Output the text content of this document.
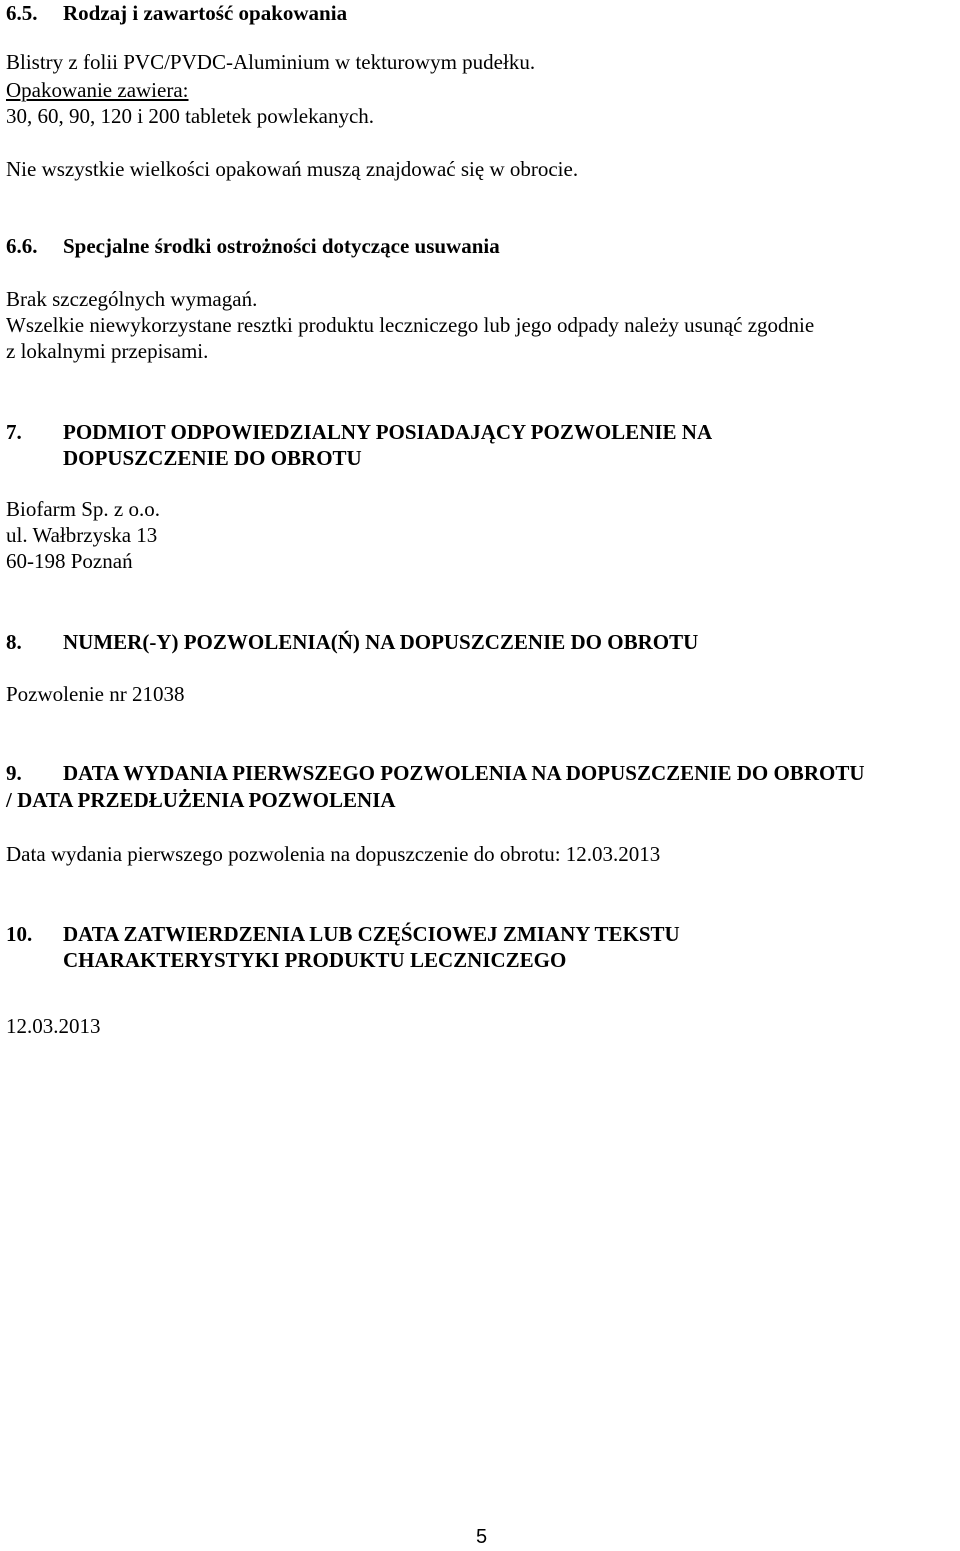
6.5. Rodzaj i zawartość opakowania
Blistry z folii PVC/PVDC-Aluminium w tekturowym pudełku.
Opakowanie zawiera:
30, 60, 90, 120 i 200 tabletek powlekanych.
Nie wszystkie wielkości opakowań muszą znajdować się w obrocie.
6.6. Specjalne środki ostrożności dotyczące usuwania
Brak szczególnych wymagań.
Wszelkie niewykorzystane resztki produktu leczniczego lub jego odpady należy usunąć zgodnie
z lokalnymi przepisami.
7. PODMIOT ODPOWIEDZIALNY POSIADAJĄCY POZWOLENIE NA
DOPUSZCZENIE DO OBROTU
Biofarm Sp. z o.o.
ul. Wałbrzyska 13
60-198 Poznań
8. NUMER(-Y) POZWOLENIA(Ń) NA DOPUSZCZENIE DO OBROTU
Pozwolenie nr 21038
9. DATA WYDANIA PIERWSZEGO POZWOLENIA NA DOPUSZCZENIE DO OBROTU
/ DATA PRZEDŁUŻENIA POZWOLENIA
Data wydania pierwszego pozwolenia na dopuszczenie do obrotu: 12.03.2013
10. DATA ZATWIERDZENIA LUB CZĘŚCIOWEJ ZMIANY TEKSTU
CHARAKTERYSTYKI PRODUKTU LECZNICZEGO
12.03.2013
5
